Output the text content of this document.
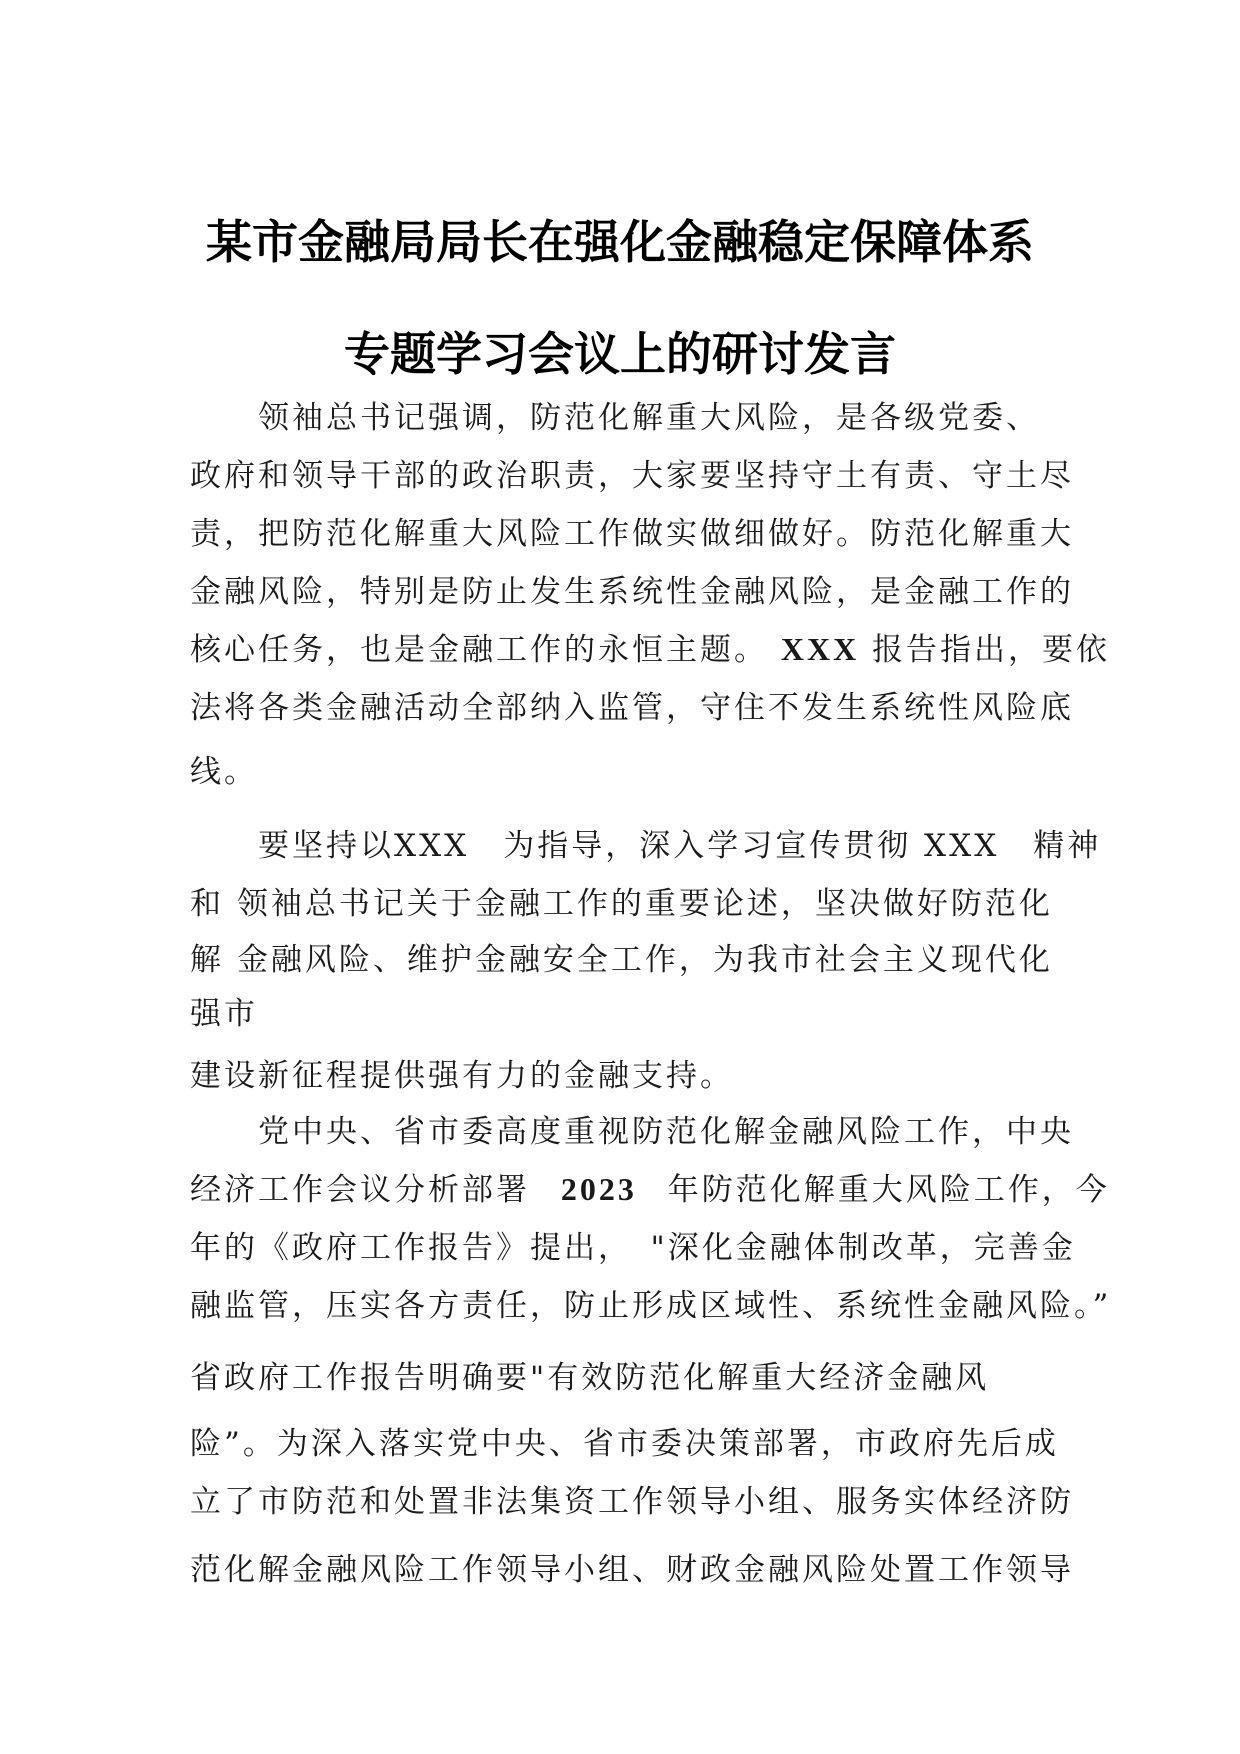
某市金融局局长在强化金融稳定保障体系
专题学习会议上的研讨发言
领袖总书记强调，防范化解重大风险，是各级党委、
政府和领导干部的政治职责，大家要坚持守土有责、守土尽
责，把防范化解重大风险工作做实做细做好。防范化解重大
金融风险，特别是防止发生系统性金融风险，是金融工作的
核心任务，也是金融工作的永恒主题。 XXX 报告指出，要依
法将各类金融活动全部纳入监管，守住不发生系统性风险底
线。
要坚持以XXX　为指导，深入学习宣传贯彻 XXX　精神
和 领袖总书记关于金融工作的重要论述，坚决做好防范化
解 金融风险、维护金融安全工作，为我市社会主义现代化
强市
建设新征程提供强有力的金融支持。
党中央、省市委高度重视防范化解金融风险工作，中央
经济工作会议分析部署 2023 年防范化解重大风险工作，今
年的《政府工作报告》提出，　"深化金融体制改革，完善金
融监管，压实各方责任，防止形成区域性、系统性金融风险。”
省政府工作报告明确要"有效防范化解重大经济金融风
险”。为深入落实党中央、省市委决策部署，市政府先后成
立了市防范和处置非法集资工作领导小组、服务实体经济防
范化解金融风险工作领导小组、财政金融风险处置工作领导
